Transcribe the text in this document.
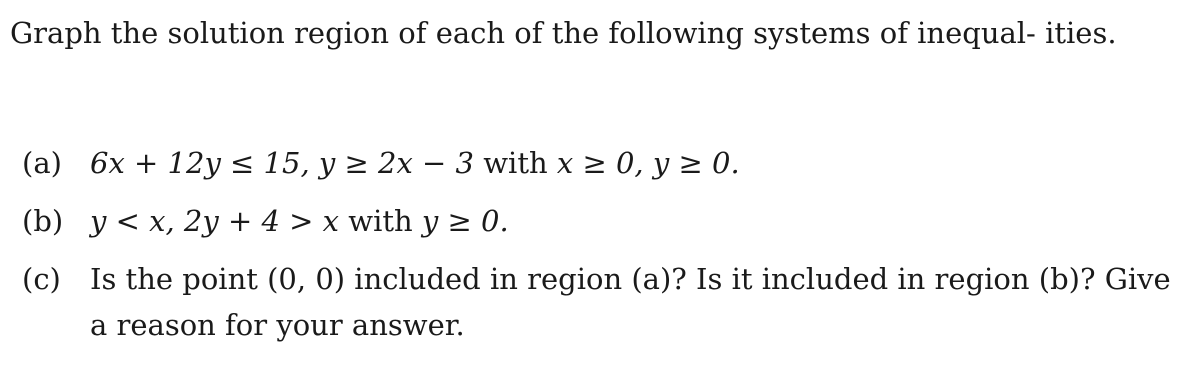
Graph the solution region of each of the following systems of inequal- ities.

(a) 6x + 12y ≤ 15, y ≥ 2x − 3 with x ≥ 0, y ≥ 0.
(b) y < x, 2y + 4 > x with y ≥ 0.
(c)	Is the point (0, 0) included in region (a)? Is it included in region (b)? Give a reason for your answer.
